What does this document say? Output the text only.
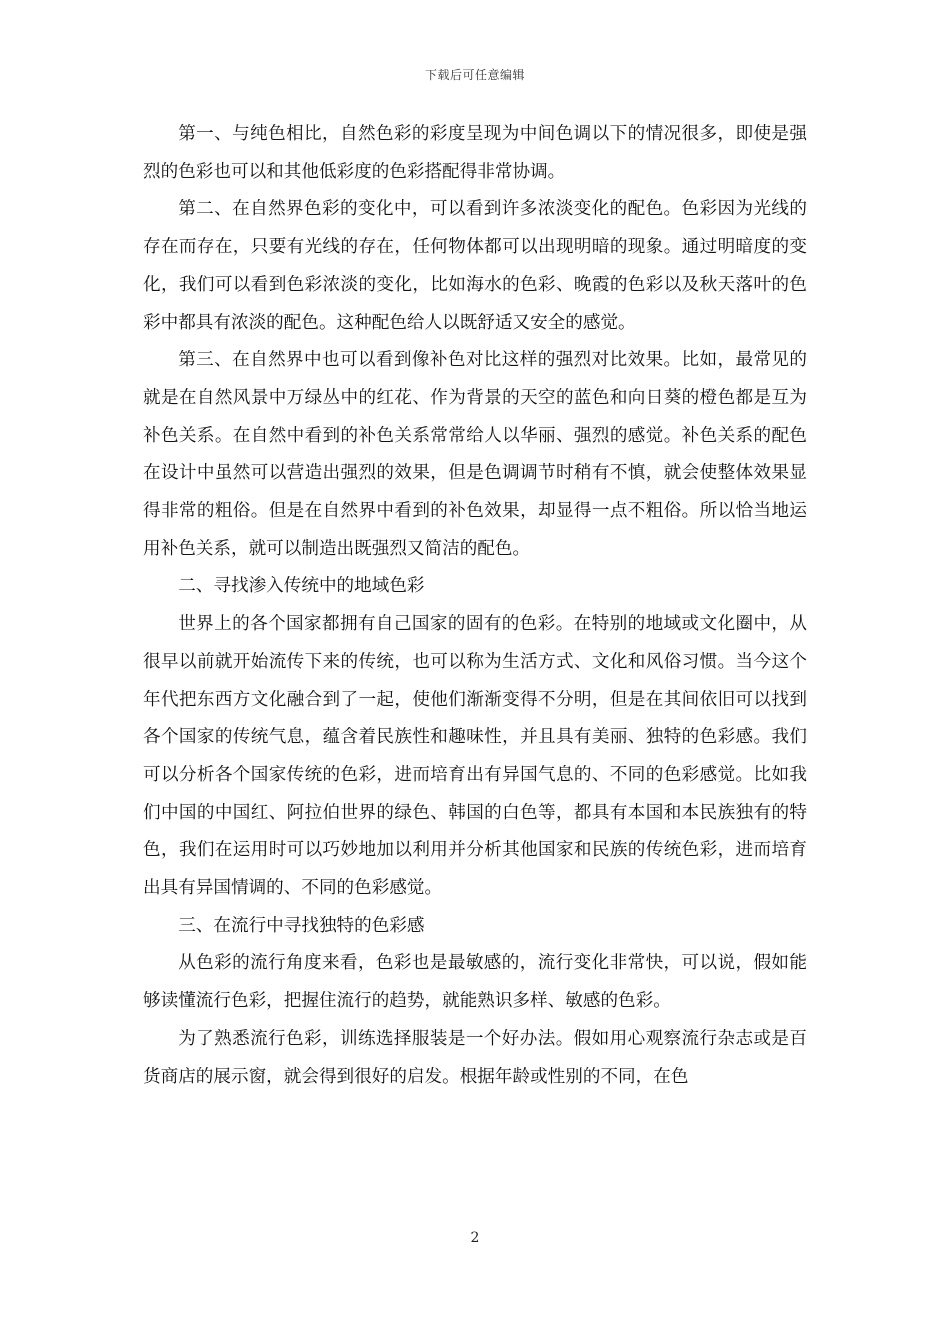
下载后可任意编辑

第一、与纯色相比，自然色彩的彩度呈现为中间色调以下的情况很多，即使是强烈的色彩也可以和其他低彩度的色彩搭配得非常协调。

第二、在自然界色彩的变化中，可以看到许多浓淡变化的配色。色彩因为光线的存在而存在，只要有光线的存在，任何物体都可以出现明暗的现象。通过明暗度的变化，我们可以看到色彩浓淡的变化，比如海水的色彩、晚霞的色彩以及秋天落叶的色彩中都具有浓淡的配色。这种配色给人以既舒适又安全的感觉。

第三、在自然界中也可以看到像补色对比这样的强烈对比效果。比如，最常见的就是在自然风景中万绿丛中的红花、作为背景的天空的蓝色和向日葵的橙色都是互为补色关系。在自然中看到的补色关系常常给人以华丽、强烈的感觉。补色关系的配色在设计中虽然可以营造出强烈的效果，但是色调调节时稍有不慎，就会使整体效果显得非常的粗俗。但是在自然界中看到的补色效果，却显得一点不粗俗。所以恰当地运用补色关系，就可以制造出既强烈又简洁的配色。

二、寻找渗入传统中的地域色彩

世界上的各个国家都拥有自己国家的固有的色彩。在特别的地域或文化圈中，从很早以前就开始流传下来的传统，也可以称为生活方式、文化和风俗习惯。当今这个年代把东西方文化融合到了一起，使他们渐渐变得不分明，但是在其间依旧可以找到各个国家的传统气息，蕴含着民族性和趣味性，并且具有美丽、独特的色彩感。我们可以分析各个国家传统的色彩，进而培育出有异国气息的、不同的色彩感觉。比如我们中国的中国红、阿拉伯世界的绿色、韩国的白色等，都具有本国和本民族独有的特色，我们在运用时可以巧妙地加以利用并分析其他国家和民族的传统色彩，进而培育出具有异国情调的、不同的色彩感觉。

三、在流行中寻找独特的色彩感

从色彩的流行角度来看，色彩也是最敏感的，流行变化非常快，可以说，假如能够读懂流行色彩，把握住流行的趋势，就能熟识多样、敏感的色彩。

为了熟悉流行色彩，训练选择服装是一个好办法。假如用心观察流行杂志或是百货商店的展示窗，就会得到很好的启发。根据年龄或性别的不同，在色

2
